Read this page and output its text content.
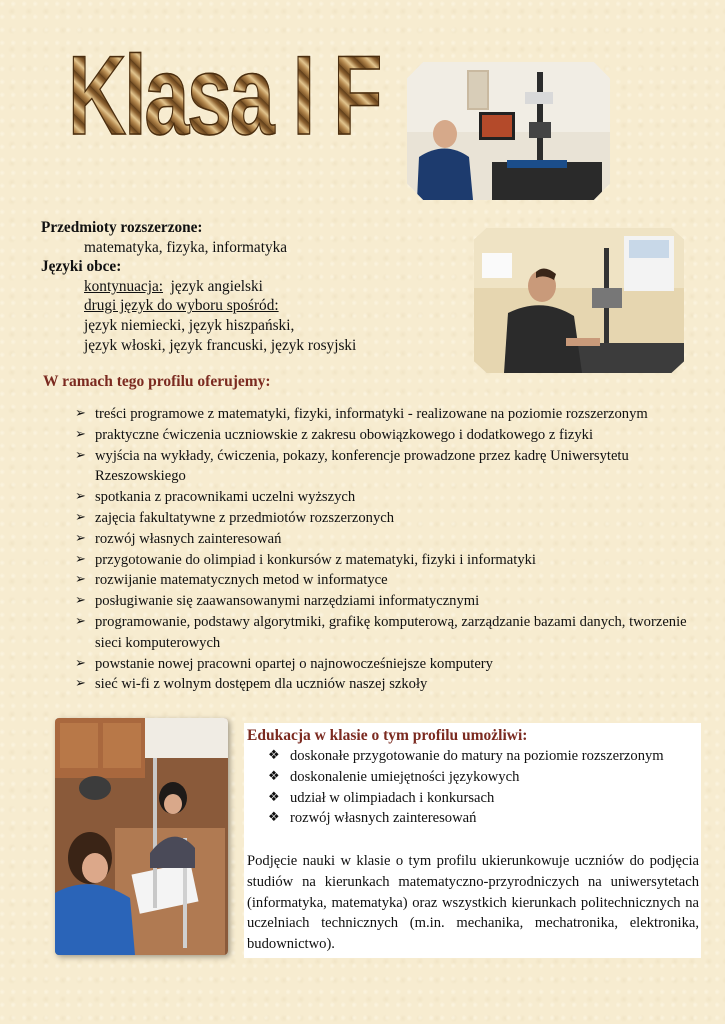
Klasa I F
Przedmioty rozszerzone:
matematyka, fizyka, informatyka
Języki obce:
kontynuacja: język angielski
drugi język do wyboru spośród:
język niemiecki, język hiszpański,
język włoski, język francuski, język rosyjski
W ramach tego profilu oferujemy:
➢ treści programowe z matematyki, fizyki, informatyki - realizowane na poziomie rozszerzonym
➢ praktyczne ćwiczenia uczniowskie z zakresu obowiązkowego i dodatkowego z fizyki
➢ wyjścia na wykłady, ćwiczenia, pokazy, konferencje prowadzone przez kadrę Uniwersytetu Rzeszowskiego
➢ spotkania z pracownikami uczelni wyższych
➢ zajęcia fakultatywne z przedmiotów rozszerzonych
➢ rozwój własnych zainteresowań
➢ przygotowanie do olimpiad i konkursów z matematyki, fizyki i informatyki
➢ rozwijanie matematycznych metod w informatyce
➢ posługiwanie się zaawansowanymi narzędziami informatycznymi
➢ programowanie, podstawy algorytmiki, grafikę komputerową, zarządzanie bazami danych, tworzenie sieci komputerowych
➢ powstanie nowej pracowni opartej o najnowocześniejsze komputery
➢ sieć wi-fi z wolnym dostępem dla uczniów naszej szkoły
Edukacja w klasie o tym profilu umożliwi:
❖ doskonałe przygotowanie do matury na poziomie rozszerzonym
❖ doskonalenie umiejętności językowych
❖ udział w olimpiadach i konkursach
❖ rozwój własnych zainteresowań

Podjęcie nauki w klasie o tym profilu ukierunkowuje uczniów do podjęcia studiów na kierunkach matematyczno-przyrodniczych na uniwersytetach (informatyka, matematyka) oraz wszystkich kierunkach politechnicznych na uczelniach technicznych (m.in. mechanika, mechatronika, elektronika, budownictwo).
